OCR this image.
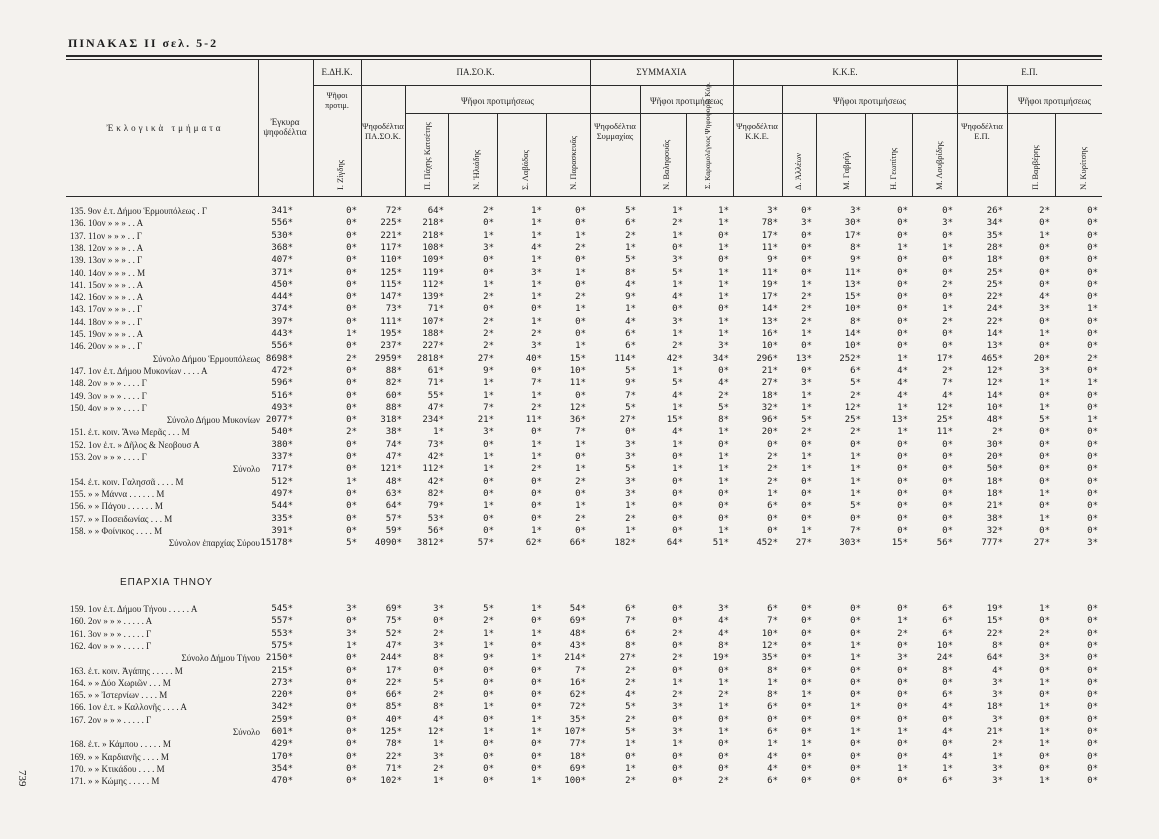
ΠΙΝΑΚΑΣ ΙΙ σελ. 5-2
739
Ἐκλογικὰ τμήματα
Ἐγκυρα ψηφοδέλτια
Ε.ΔΗ.Κ.
Ψῆφοι προτιμ.
ΠΑ.ΣΟ.Κ.
Ψηφοδέλτια ΠΑ.ΣΟ.Κ.
Ψῆφοι προτιμήσεως
ΣΥΜΜΑΧΙΑ
Ψηφοδέλτια Συμμαχίας
Ψῆφοι προτιμήσεως
Κ.Κ.Ε.
Ψηφοδέλτια Κ.Κ.Ε.
Ψῆφοι προτιμήσεως
Ε.Π.
Ψηφοδέλτια Ε.Π.
Ψῆφοι προτιμήσεως
Ι. Ζίγδης	Π. Πάχης Κατσέτης	Ν. Ἠλιάδης	Σ. Λαβάδας	Ν. Παρασκευᾶς	Ν. Βαληφουᾶς	Σ. Καραμολέγκος Ψηφοφορία Κόρ.	Δ. Ἀλλέων	Μ. Γαβρήλ	Η. Γεωπίτης	Μ. Λουβρίδης	Π. Βαρβέρης	Ν. Κυρίτσης
ΕΠΑΡΧΙΑ ΤΗΝΟΥ
135. 9ον ἐ.τ. Δήμου Ἑρμουπόλεως . Γ	341*	0*	72*	64*	2*	1*	0*	5*	1*	1*	3*	0*	3*	0*	0*	26*	2*	0*
136. 10ον » » » . . Α	556*	0*	225*	218*	0*	1*	0*	6*	2*	1*	78*	3*	30*	0*	3*	34*	0*	0*
137. 11ον » » » . . Γ	530*	0*	221*	218*	1*	1*	1*	2*	1*	0*	17*	0*	17*	0*	0*	35*	1*	0*
138. 12ον » » » . . Α	368*	0*	117*	108*	3*	4*	2*	1*	0*	1*	11*	0*	8*	1*	1*	28*	0*	0*
139. 13ον » » » . . Γ	407*	0*	110*	109*	0*	1*	0*	5*	3*	0*	9*	0*	9*	0*	0*	18*	0*	0*
140. 14ον » » » . . Μ	371*	0*	125*	119*	0*	3*	1*	8*	5*	1*	11*	0*	11*	0*	0*	25*	0*	0*
141. 15ον » » » . . Α	450*	0*	115*	112*	1*	1*	0*	4*	1*	1*	19*	1*	13*	0*	2*	25*	0*	0*
142. 16ον » » » . . Α	444*	0*	147*	139*	2*	1*	2*	9*	4*	1*	17*	2*	15*	0*	0*	22*	4*	0*
143. 17ον » » » . . Γ	374*	0*	73*	71*	0*	0*	1*	1*	0*	0*	14*	2*	10*	0*	1*	24*	3*	1*
144. 18ον » » » . . Γ	397*	0*	111*	107*	2*	1*	0*	4*	3*	1*	13*	2*	8*	0*	2*	22*	0*	0*
145. 19ον » » » . . Α	443*	1*	195*	188*	2*	2*	0*	6*	1*	1*	16*	1*	14*	0*	0*	14*	1*	0*
146. 20ον » » » . . Γ	556*	0*	237*	227*	2*	3*	1*	6*	2*	3*	10*	0*	10*	0*	0*	13*	0*	0*
Σύνολο Δήμου Ἑρμουπόλεως 8698*	2*	2959*	2818*	27*	40*	15*	114*	42*	34*	296*	13*	252*	1*	17*	465*	20*	2*
147. 1ον ἐ.τ. Δήμου Μυκονίων . . . . Α	472*	0*	88*	61*	9*	0*	10*	5*	1*	0*	21*	0*	6*	4*	2*	12*	3*	0*
148. 2ον » » » . . . . Γ	596*	0*	82*	71*	1*	7*	11*	9*	5*	4*	27*	3*	5*	4*	7*	12*	1*	1*
149. 3ον » » » . . . . Γ	516*	0*	60*	55*	1*	1*	0*	7*	4*	2*	18*	1*	2*	4*	4*	14*	0*	0*
150. 4ον » » » . . . . Γ	493*	0*	88*	47*	7*	2*	12*	5*	1*	5*	32*	1*	12*	1*	12*	10*	1*	0*
Σύνολο Δήμου Μυκονίων 2077*	0*	318*	234*	21*	11*	36*	27*	15*	8*	96*	5*	25*	13*	25*	48*	5*	1*
151. ἐ.τ. κοιν. Ἄνω Μερᾶς . . . Μ	540*	2*	38*	1*	3*	0*	7*	0*	4*	1*	20*	2*	2*	1*	11*	2*	0*	0*
152. 1ον ἐ.τ. » Δῆλος & Νεοβουσ Α	380*	0*	74*	73*	0*	1*	1*	3*	1*	0*	0*	0*	0*	0*	0*	30*	0*	0*
153. 2ον » » » . . . . Γ	337*	0*	47*	42*	1*	1*	0*	3*	0*	1*	2*	1*	1*	0*	0*	20*	0*	0*
Σύνολο	717*	0*	121*	112*	1*	2*	1*	5*	1*	1*	2*	1*	1*	0*	0*	50*	0*	0*
154. ἐ.τ. κοιν. Γαλησσᾶ . . . . Μ	512*	1*	48*	42*	0*	0*	2*	3*	0*	1*	2*	0*	1*	0*	0*	18*	0*	0*
155. » » Μάννα . . . . . . Μ	497*	0*	63*	82*	0*	0*	0*	3*	0*	0*	1*	0*	1*	0*	0*	18*	1*	0*
156. » » Πάγου . . . . . . Μ	544*	0*	64*	79*	1*	0*	1*	1*	0*	0*	6*	0*	5*	0*	0*	21*	0*	0*
157. » » Ποσειδωνίας . . . Μ	335*	0*	57*	53*	0*	0*	2*	2*	0*	0*	0*	0*	0*	0*	0*	38*	1*	0*
158. » » Φοίνικος . . . . Μ	391*	0*	59*	56*	0*	1*	0*	1*	0*	1*	0*	1*	7*	0*	0*	32*	0*	0*
Σύνολον ἐπαρχίας Σύρου 15178*	5*	4090*	3812*	57*	62*	66*	182*	64*	51*	452*	27*	303*	15*	56*	777*	27*	3*
159. 1ον ἐ.τ. Δήμου Τήνου . . . . . Α	545*	3*	69*	3*	5*	1*	54*	6*	0*	3*	6*	0*	0*	0*	6*	19*	1*	0*
160. 2ον » » » . . . . . Α	557*	0*	75*	0*	2*	0*	69*	7*	0*	4*	7*	0*	0*	1*	6*	15*	0*	0*
161. 3ον » » » . . . . . Γ	553*	3*	52*	2*	1*	1*	48*	6*	2*	4*	10*	0*	0*	2*	6*	22*	2*	0*
162. 4ον » » » . . . . . Γ	575*	1*	47*	3*	1*	0*	43*	8*	0*	8*	12*	0*	1*	0*	10*	8*	0*	0*
Σύνολο Δήμου Τήνου 2150*	0*	244*	8*	9*	1*	214*	27*	2*	19*	35*	0*	1*	3*	24*	64*	3*	0*
163. ἐ.τ. κοιν. Ἀγάπης . . . . . Μ	215*	0*	17*	0*	0*	0*	7*	2*	0*	0*	8*	0*	0*	0*	8*	4*	0*	0*
164. » » Δύο Χωριῶν . . . Μ	273*	0*	22*	5*	0*	0*	16*	2*	1*	1*	1*	0*	0*	0*	0*	3*	1*	0*
165. » » Ἰστερνίων . . . . Μ	220*	0*	66*	2*	0*	0*	62*	4*	2*	2*	8*	1*	0*	0*	6*	3*	0*	0*
166. 1ον ἐ.τ. » Καλλονῆς . . . . Α	342*	0*	85*	8*	1*	0*	72*	5*	3*	1*	6*	0*	1*	0*	4*	18*	1*	0*
167. 2ον » » » . . . . . Γ	259*	0*	40*	4*	0*	1*	35*	2*	0*	0*	0*	0*	0*	0*	0*	3*	0*	0*
Σύνολο	601*	0*	125*	12*	1*	1*	107*	5*	3*	1*	6*	0*	1*	1*	4*	21*	1*	0*
168. ἐ.τ. » Κάμπου . . . . . Μ	429*	0*	78*	1*	0*	0*	77*	1*	1*	0*	1*	1*	0*	0*	0*	2*	1*	0*
169. » » Καρδιανῆς . . . . Μ	170*	0*	22*	3*	0*	0*	18*	0*	0*	0*	4*	0*	0*	0*	4*	1*	0*	0*
170. » » Κτικάδου . . . . Μ	354*	0*	71*	2*	0*	0*	69*	1*	0*	0*	4*	0*	0*	1*	1*	3*	0*	0*
171. » » Κώμης . . . . . Μ	470*	0*	102*	1*	0*	1*	100*	2*	0*	2*	6*	0*	0*	0*	6*	3*	1*	0*
